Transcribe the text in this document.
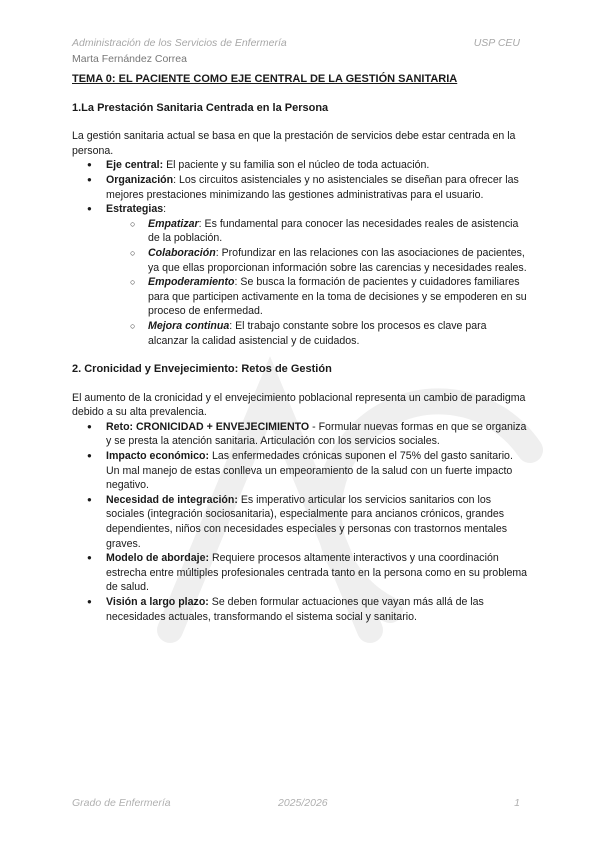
Administración de los Servicios de Enfermería	USP CEU
Marta Fernández Correa
TEMA 0: EL PACIENTE COMO EJE CENTRAL DE LA GESTIÓN SANITARIA
1.La Prestación Sanitaria Centrada en la Persona

La gestión sanitaria actual se basa en que la prestación de servicios debe estar centrada en la persona.

● Eje central: El paciente y su familia son el núcleo de toda actuación.
● Organización: Los circuitos asistenciales y no asistenciales se diseñan para ofrecer las mejores prestaciones minimizando las gestiones administrativas para el usuario.
● Estrategias:
○ Empatizar: Es fundamental para conocer las necesidades reales de asistencia de la población.
○ Colaboración: Profundizar en las relaciones con las asociaciones de pacientes, ya que ellas proporcionan información sobre las carencias y necesidades reales.
○ Empoderamiento: Se busca la formación de pacientes y cuidadores familiares para que participen activamente en la toma de decisiones y se empoderen en su proceso de enfermedad.
○ Mejora continua: El trabajo constante sobre los procesos es clave para alcanzar la calidad asistencial y de cuidados.
2. Cronicidad y Envejecimiento: Retos de Gestión

El aumento de la cronicidad y el envejecimiento poblacional representa un cambio de paradigma debido a su alta prevalencia.

● Reto: CRONICIDAD + ENVEJECIMIENTO - Formular nuevas formas en que se organiza y se presta la atención sanitaria. Articulación con los servicios sociales.
● Impacto económico: Las enfermedades crónicas suponen el 75% del gasto sanitario. Un mal manejo de estas conlleva un empeoramiento de la salud con un fuerte impacto negativo.
● Necesidad de integración: Es imperativo articular los servicios sanitarios con los sociales (integración sociosanitaria), especialmente para ancianos crónicos, grandes dependientes, niños con necesidades especiales y personas con trastornos mentales graves.
● Modelo de abordaje: Requiere procesos altamente interactivos y una coordinación estrecha entre múltiples profesionales centrada tanto en la persona como en su problema de salud.
● Visión a largo plazo: Se deben formular actuaciones que vayan más allá de las necesidades actuales, transformando el sistema social y sanitario.
Grado de Enfermería	2025/2026	1
